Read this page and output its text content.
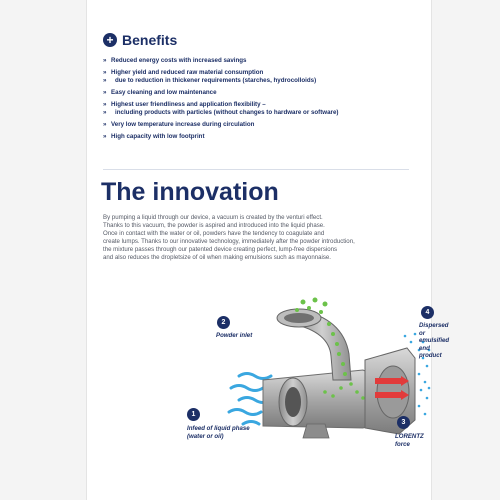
+ Benefits
» Reduced energy costs with increased savings
» Higher yield and reduced raw material consumption
» due to reduction in thickener requirements (starches, hydrocolloids)
» Easy cleaning and low maintenance
» Highest user friendliness and application flexibility –
» including products with particles (without changes to hardware or software)
» Very low temperature increase during circulation
» High capacity with low footprint
The innovation
By pumping a liquid through our device, a vacuum is created by the venturi effect.
Thanks to this vacuum, the powder is aspired and introduced into the liquid phase.
Once in contact with the water or oil, powders have the tendency to coagulate and
create lumps. Thanks to our innovative technology, immediately after the powder introduction,
the mixture passes through our patented device creating perfect, lump-free dispersions
and also reduces the dropletsize of oil when making emulsions such as mayonnaise.
2
Powder inlet
4
Dispersed or emulsified
end product
1
Infeed of liquid phase
(water or oil)
3
LORENTZ force
